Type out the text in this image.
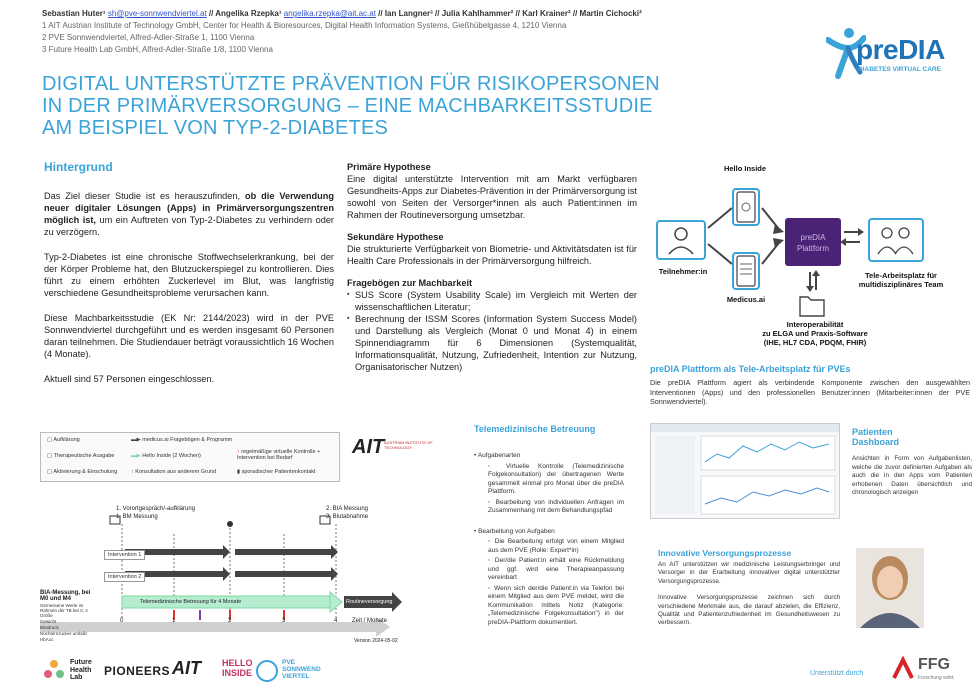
Sebastian Huter¹ sh@pve-sonnwendviertel.at // Angelika Rzepka¹ angelika.rzepka@ait.ac.at // Ian Langner³ // Julia Kahlhammer² // Karl Krainer² // Martin Cichocki²
1 AIT Austrian Institute of Technology GmbH, Center for Health & Bioresources, Digital Health Information Systems, Gießhübelgasse 4, 1210 Vienna
2 PVE Sonnwendviertel, Alfred-Adler-Straße 1, 1100 Vienna
3 Future Health Lab GmbH, Alfred-Adler-Straße 1/8, 1100 Vienna	preDIA
DIABETES VIRTUAL CARE
DIGITAL UNTERSTÜTZTE PRÄVENTION FÜR RISIKOPERSONEN
IN DER PRIMÄRVERSORGUNG – EINE MACHBARKEITSSTUDIE
AM BEISPIEL VON TYP-2-DIABETES
Hintergrund

Das Ziel dieser Studie ist es herauszufinden, ob die Verwendung neuer digitaler Lösungen (Apps) in Primärversorgungszentren möglich ist, um ein Auftreten von Typ-2-Diabetes zu verhindern oder zu verzögern.

Typ-2-Diabetes ist eine chronische Stoffwechselerkrankung, bei der der Körper Probleme hat, den Blutzuckerspiegel zu kontrollieren. Dies führt zu einem erhöhten Zuckerlevel im Blut, was langfristig verschiedene Gesundheitsprobleme verursachen kann.

Diese Machbarkeitsstudie (EK Nr: 2144/2023) wird in der PVE Sonnwendviertel durchgeführt und es werden insgesamt 60 Personen daran teilnehmen. Die Studiendauer beträgt voraussichtlich 16 Wochen (4 Monate).

Aktuell sind 57 Personen eingeschlossen.

Primäre Hypothese
Eine digital unterstützte Intervention mit am Markt verfügbaren Gesundheits-Apps zur Diabetes-Prävention in der Primärversorgung ist sowohl von Seiten der Versorger*innen als auch Patient:innen im Rahmen der Routineversorgung umsetzbar.
Sekundäre Hypothese
Die strukturierte Verfügbarkeit von Biometrie- und Aktivitätsdaten ist für Health Care Professionals in der Primärversorgung hilfreich.
Fragebögen zur Machbarkeit
▪ SUS Score (System Usability Scale) im Vergleich mit Werten der wissenschaftlichen Literatur;
▪ Berechnung der ISSM Scores (Information System Success Model) und Darstellung als Vergleich (Monat 0 und Monat 4) in einem Spinnendiagramm für 6 Dimensionen (Systemqualität, Informationsqualität, Nutzung, Zufriedenheit, Intention zur Nutzung, Organisatorischer Nutzen)
Teilnehmer:in
Hello Inside
Medicus.ai
preDIA Plattform
Tele-Arbeitsplatz für multidisziplinäres Team
Interoperabilität
zu ELGA und Praxis-Software
(IHE, HL7 CDA, PDQM, FHIR)
preDIA Plattform als Tele-Arbeitsplatz für PVEs
Die preDIA Plattform agiert als verbindende Komponente zwischen den ausgewählten Interventionen (Apps) und den professionellen Benutzer:innen (Mitarbeiter:innen der PVE Sonnwendviertel).
▢ Aufklärung	▬▶ medicus.ai Fragebögen & Programm
▢ Therapeutische Ausgabe	▬▶ Hello Inside (2 Wochen)
↑ regelmäßige virtuelle Kontrolle + Intervention bei Bedarf
▢ Aktivierung & Einschulung ↑ Konsultation aus anderem Grund	▮ sporadischer Patientenkontakt
AIT AUSTRIAN INSTITUTE OF TECHNOLOGY
1. Vorortgespräch/-aufklärung
1. BM Messung
2. BIA Messung
3. Blutabnahme
Intervention 1
Intervention 2
Telemedizinische Betreuung für 4 Monate	Routineversorgung
BIA-Messung, bei M0 und M4
Gemessene Werte im Rahmen der TB bei 0, 4
Größe
Gewicht
Blutdruck
Nüchternzucker umfaßt HbA1c
0	1	2	3	4 Zeit / Monate
Version 2024-05-02
Telemedizinische Betreuung
• Aufgabenarten
◦ Virtuelle Kontrolle (Telemedizinische Folgekonsultation) der übertragenen Werte gesammelt einmal pro Monat über die preDIA Plattform.
◦ Bearbeitung von individuellen Anfragen im Zusammenhang mit dem Behandlungspfad
• Bearbeitung von Aufgaben
◦ Die Bearbeitung erfolgt von einem Mitglied aus dem PVE (Rolle: Expert*in)
◦ Der/die Patient:in erhält eine Rückmeldung und ggf. wird eine Therapieanpassung vereinbart
◦ Wenn sich der/die Patient:in via Telefon bei einem Mitglied aus dem PVE meldet, wird die Kommunikation mittels Notiz (Kategorie: „Telemedizinische Folgekonsultation") in der preDIA-Plattform dokumentiert.
Patienten
Dashboard
Ansichten in Form von Aufgabenlisten, welche die zuvor definierten Aufgaben als auch die in den Apps vom Patienten erhobenen Daten übersichtlich und chronologisch anzeigen
Innovative Versorgungsprozesse
An AIT unterstützen wir medizinische Leistungserbringer und Versorger in der Erarbeitung innovativer digital unterstützter Versorgungsprozesse.
Innovative Versorgungsprozesse zeichnen sich durch verschiedene Merkmale aus, die darauf abzielen, die Effizienz, Qualität und Patientenzufriedenheit im Gesundheitswesen zu verbessern.
Future
Health
Lab	PIONEERS AIT HELLO
INSIDE
PVE
SONNWEND
VIERTEL	Unterstützt durch
FFG
Forschung wirkt.
